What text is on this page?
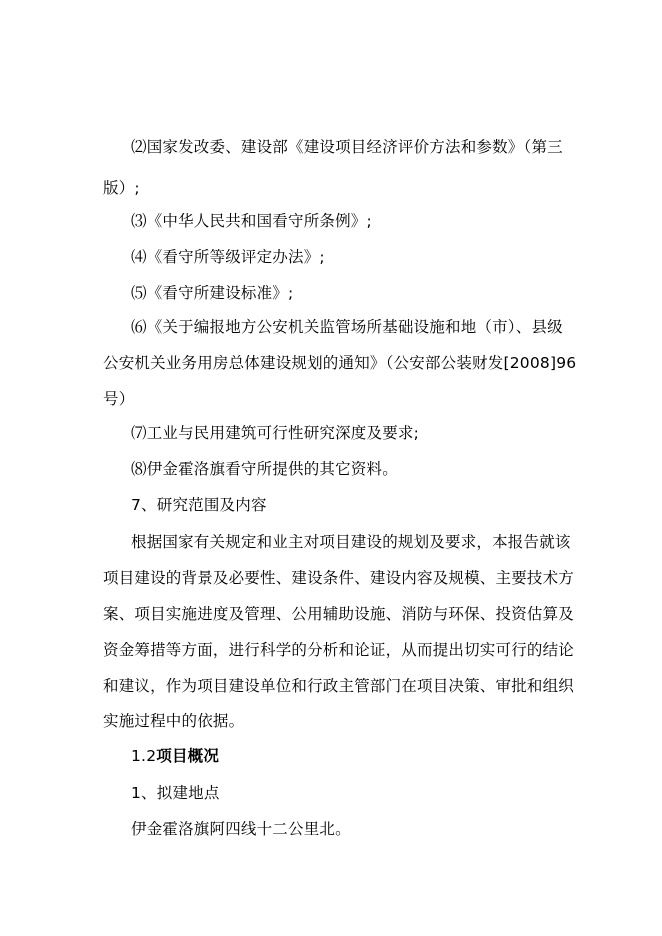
⑵国家发改委、建设部《建设项目经济评价方法和参数》（第三
版）;
⑶《中华人民共和国看守所条例》;
⑷《看守所等级评定办法》;
⑸《看守所建设标准》;
⑹《关于编报地方公安机关监管场所基础设施和地（市）、县级
公安机关业务用房总体建设规划的通知》（公安部公装财发[2008]96
号）
⑺工业与民用建筑可行性研究深度及要求;
⑻伊金霍洛旗看守所提供的其它资料。
7、研究范围及内容
根据国家有关规定和业主对项目建设的规划及要求，本报告就该
项目建设的背景及必要性、建设条件、建设内容及规模、主要技术方
案、项目实施进度及管理、公用辅助设施、消防与环保、投资估算及
资金筹措等方面，进行科学的分析和论证，从而提出切实可行的结论
和建议，作为项目建设单位和行政主管部门在项目决策、审批和组织
实施过程中的依据。
1.2项目概况
1、拟建地点
伊金霍洛旗阿四线十二公里北。
